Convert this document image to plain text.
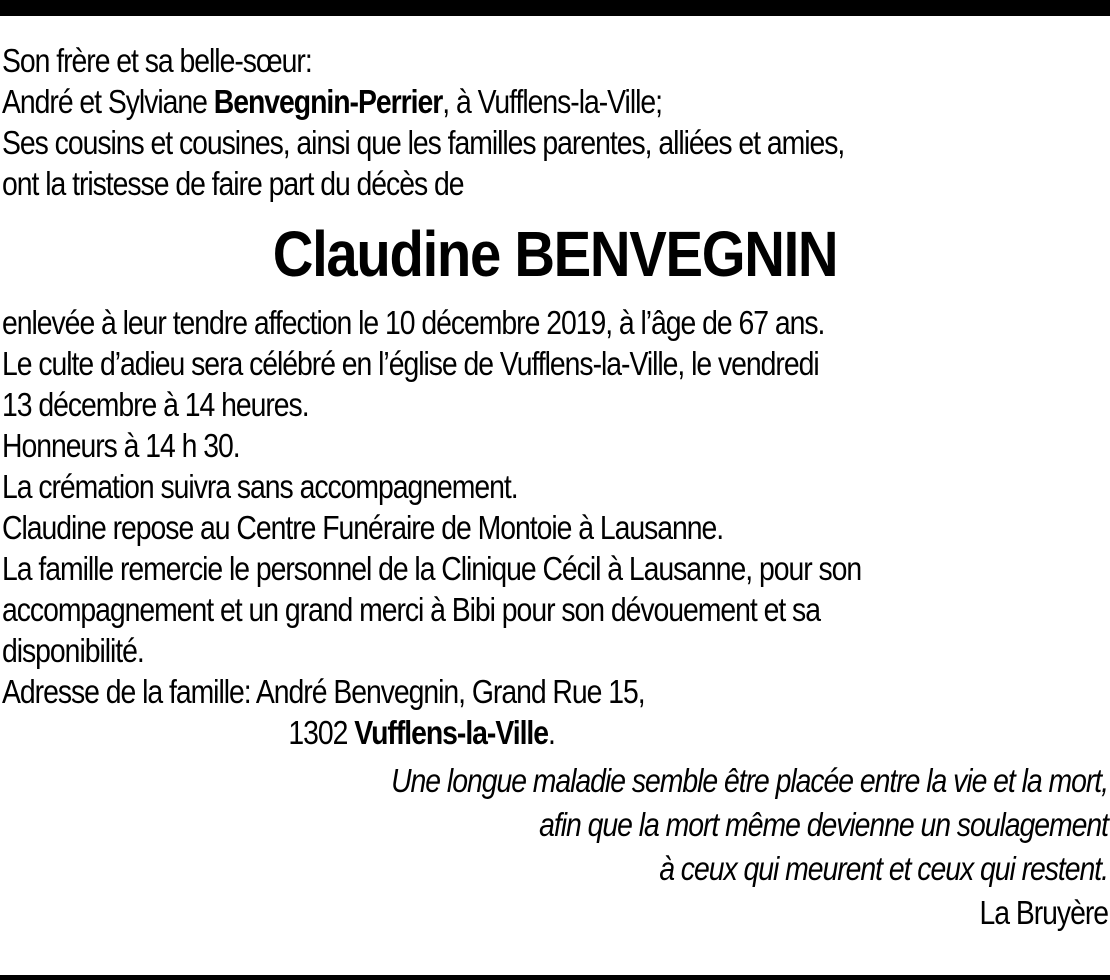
Son frère et sa belle-sœur:
André et Sylviane Benvegnin-Perrier, à Vufflens-la-Ville;
Ses cousins et cousines, ainsi que les familles parentes, alliées et amies,
ont la tristesse de faire part du décès de
Claudine BENVEGNIN
enlevée à leur tendre affection le 10 décembre 2019, à l’âge de 67 ans.
Le culte d’adieu sera célébré en l’église de Vufflens-la-Ville, le vendredi
13 décembre à 14 heures.
Honneurs à 14 h 30.
La crémation suivra sans accompagnement.
Claudine repose au Centre Funéraire de Montoie à Lausanne.
La famille remercie le personnel de la Clinique Cécil à Lausanne, pour son
accompagnement et un grand merci à Bibi pour son dévouement et sa
disponibilité.
Adresse de la famille: André Benvegnin, Grand Rue 15,
1302 Vufflens-la-Ville.
Une longue maladie semble être placée entre la vie et la mort,
afin que la mort même devienne un soulagement
à ceux qui meurent et ceux qui restent.
La Bruyère
